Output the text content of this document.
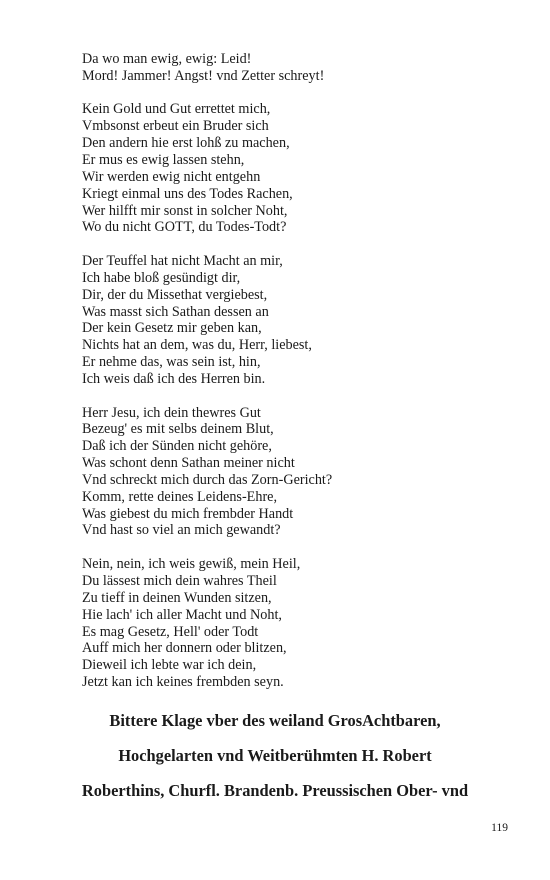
Da wo man ewig, ewig: Leid!
Mord! Jammer! Angst! vnd Zetter schreyt!
Kein Gold und Gut errettet mich,
Vmbsonst erbeut ein Bruder sich
Den andern hie erst lohß zu machen,
Er mus es ewig lassen stehn,
Wir werden ewig nicht entgehn
Kriegt einmal uns des Todes Rachen,
Wer hilfft mir sonst in solcher Noht,
Wo du nicht GOTT, du Todes-Todt?
Der Teuffel hat nicht Macht an mir,
Ich habe bloß gesündigt dir,
Dir, der du Missethat vergiebest,
Was masst sich Sathan dessen an
Der kein Gesetz mir geben kan,
Nichts hat an dem, was du, Herr, liebest,
Er nehme das, was sein ist, hin,
Ich weis daß ich des Herren bin.
Herr Jesu, ich dein thewres Gut
Bezeug' es mit selbs deinem Blut,
Daß ich der Sünden nicht gehöre,
Was schont denn Sathan meiner nicht
Vnd schreckt mich durch das Zorn-Gericht?
Komm, rette deines Leidens-Ehre,
Was giebest du mich frembder Handt
Vnd hast so viel an mich gewandt?
Nein, nein, ich weis gewiß, mein Heil,
Du lässest mich dein wahres Theil
Zu tieff in deinen Wunden sitzen,
Hie lach' ich aller Macht und Noht,
Es mag Gesetz, Hell' oder Todt
Auff mich her donnern oder blitzen,
Dieweil ich lebte war ich dein,
Jetzt kan ich keines frembden seyn.
Bittere Klage vber des weiland GrosAchtbaren,
Hochgelarten vnd Weitberühmten H. Robert
Roberthins, Churfl. Brandenb. Preussischen Ober- vnd
119
